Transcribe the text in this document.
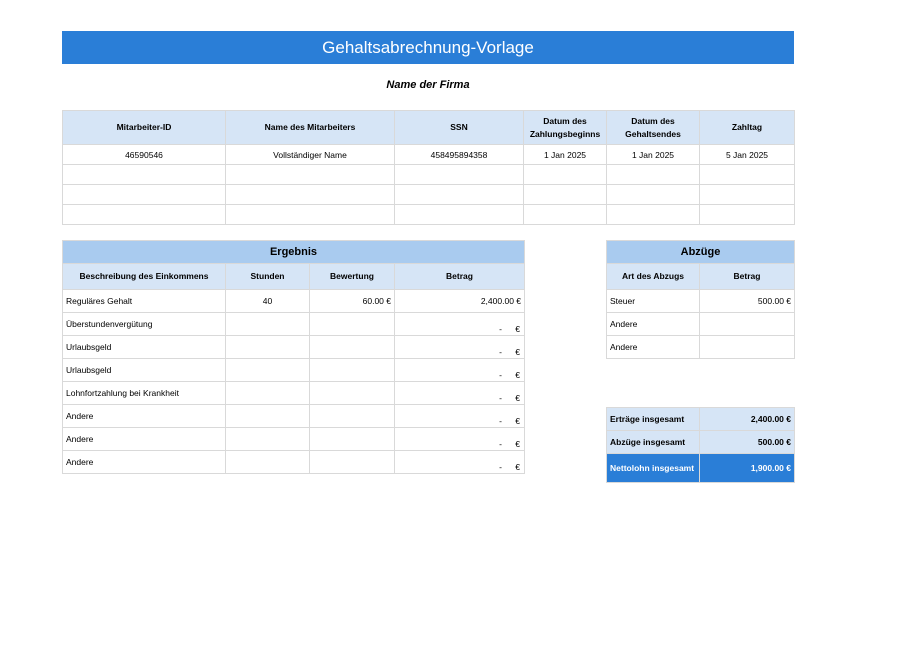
Gehaltsabrechnung-Vorlage
Name der Firma
Mitarbeiter-ID	Name des Mitarbeiters	SSN	Datum des Zahlungsbeginns	Datum des Gehaltsendes	Zahltag
46590546	Vollständiger Name	458495894358	1 Jan 2025	1 Jan 2025	5 Jan 2025

Ergebnis			
Beschreibung des Einkommens	Stunden	Bewertung	Betrag
Reguläres Gehalt	40	60.00 €	2,400.00 €
Überstundenvergütung			- €

Urlaubsgeld			- €

Urlaubsgeld			- €

Lohnfortzahlung bei Krankheit			- €

Andere			- €

Andere			- €

Andere			- €
Abzüge	
Art des Abzugs	Betrag
Steuer	500.00 €
Andere	
Andere	
Erträge insgesamt	2,400.00 €
Abzüge insgesamt	500.00 €
Nettolohn insgesamt	1,900.00 €
